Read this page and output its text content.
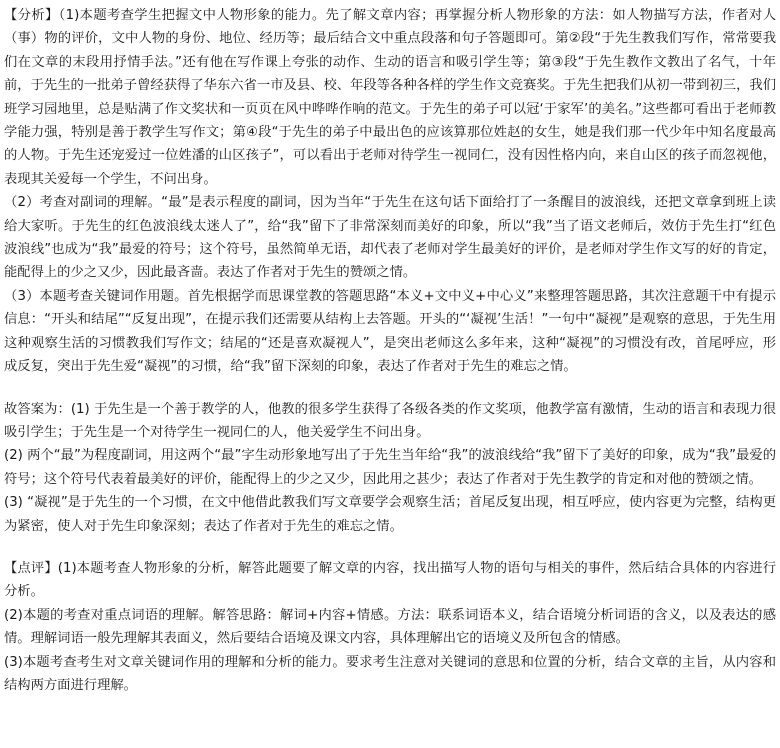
【分析】（1)本题考查学生把握文中人物形象的能力。先了解文章内容；再掌握分析人物形象的方法：如人物描写方法，作者对人（事）物的评价，文中人物的身份、地位、经历等；最后结合文中重点段落和句子答题即可。第②段“于先生教我们写作，常常要我们在文章的末段用抒情手法。”还有他在写作课上夸张的动作、生动的语言和吸引学生等；第③段“于先生教作文教出了名气，十年前，于先生的一批弟子曾经获得了华东六省一市及县、校、年段等各种各样的学生作文竞赛奖。于先生把我们从初一带到初三，我们班学习园地里，总是贴满了作文奖状和一页页在风中哗哗作响的范文。于先生的弟子可以冠‘于家军’的美名。”这些都可看出于老师教学能力强，特别是善于教学生写作文；第④段“于先生的弟子中最出色的应该算那位姓赵的女生，她是我们那一代少年中知名度最高的人物。于先生还宠爱过一位姓潘的山区孩子”，可以看出于老师对待学生一视同仁，没有因性格内向，来自山区的孩子而忽视他，表现其关爱每一个学生，不问出身。

（2）考查对副词的理解。“最”是表示程度的副词，因为当年“于先生在这句话下面给打了一条醒目的波浪线，还把文章拿到班上读给大家听。于先生的红色波浪线太迷人了”，给“我”留下了非常深刻而美好的印象，所以“我”当了语文老师后，效仿于先生打“红色波浪线”也成为“我”最爱的符号；这个符号，虽然简单无语，却代表了老师对学生最美好的评价，是老师对学生作文写的好的肯定，能配得上的少之又少，因此最吝啬。表达了作者对于先生的赞颂之情。

（3）本题考查关键词作用题。首先根据学而思课堂教的答题思路“本义+文中义+中心义”来整理答题思路，其次注意题干中有提示信息：“开头和结尾”“反复出现”，在提示我们还需要从结构上去答题。开头的“‘凝视’生活！”一句中“凝视”是观察的意思，于先生用这种观察生活的习惯教我们写作文；结尾的“还是喜欢凝视人”，是突出老师这么多年来，这种“凝视”的习惯没有改，首尾呼应，形成反复，突出于先生爱“凝视”的习惯，给“我”留下深刻的印象，表达了作者对于先生的难忘之情。

故答案为：(1) 于先生是一个善于教学的人，他教的很多学生获得了各级各类的作文奖项，他教学富有激情，生动的语言和表现力很吸引学生；于先生是一个对待学生一视同仁的人，他关爱学生不问出身。

(2) 两个“最”为程度副词，用这两个“最”字生动形象地写出了于先生当年给“我”的波浪线给“我”留下了美好的印象，成为“我”最爱的符号；这个符号代表着最美好的评价，能配得上的少之又少，因此用之甚少；表达了作者对于先生教学的肯定和对他的赞颂之情。

(3) “凝视”是于先生的一个习惯，在文中他借此教我们写文章要学会观察生活；首尾反复出现，相互呼应，使内容更为完整，结构更为紧密，使人对于先生印象深刻；表达了作者对于先生的难忘之情。

【点评】(1)本题考查人物形象的分析，解答此题要了解文章的内容，找出描写人物的语句与相关的事件，然后结合具体的内容进行分析。

(2)本题的考查对重点词语的理解。解答思路：解词+内容+情感。方法：联系词语本义，结合语境分析词语的含义，以及表达的感情。理解词语一般先理解其表面义，然后要结合语境及课文内容，具体理解出它的语境义及所包含的情感。

(3)本题考查考生对文章关键词作用的理解和分析的能力。要求考生注意对关键词的意思和位置的分析，结合文章的主旨，从内容和结构两方面进行理解。
